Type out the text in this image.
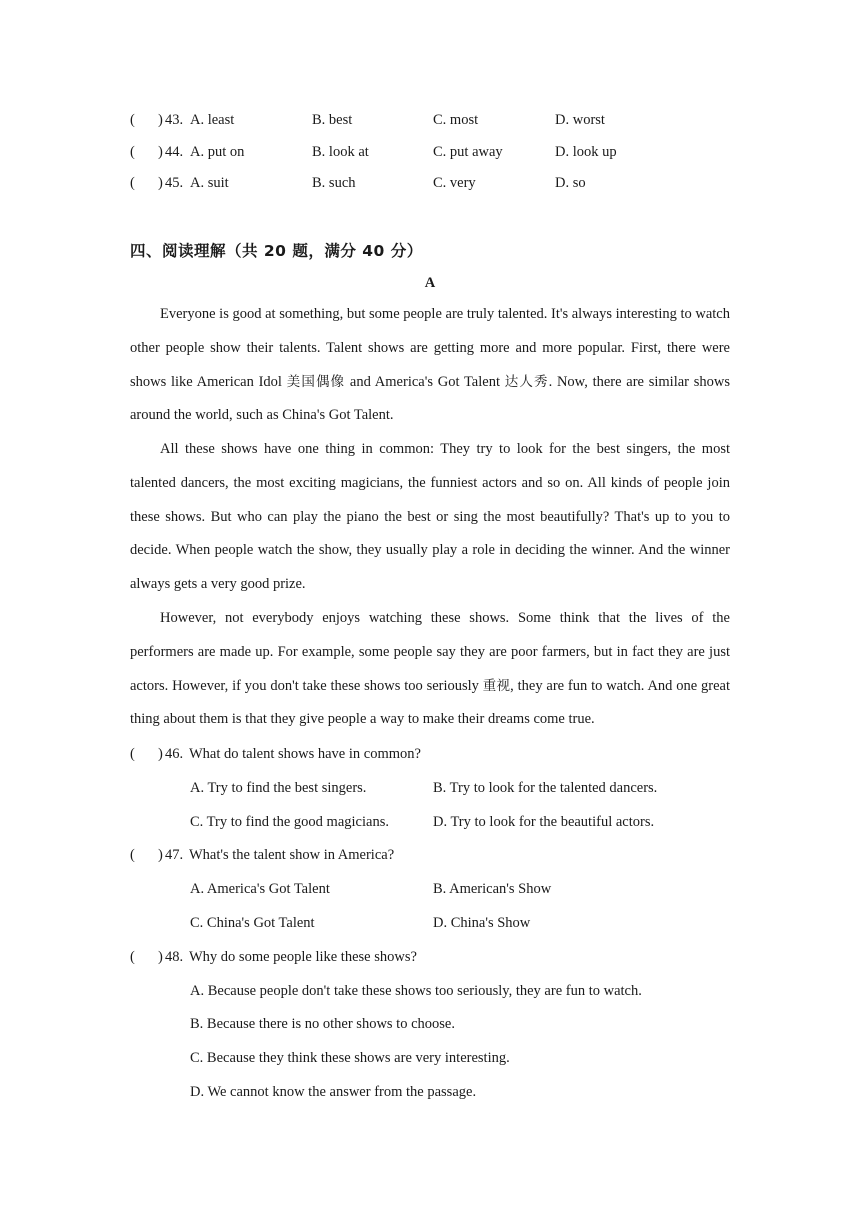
( ) 43. A. least	B. best	C. most	D. worst
( ) 44. A. put on	B. look at	C. put away	D. look up
( ) 45. A. suit	B. such	C. very	D. so
四、阅读理解（共 20 题，满分 40 分）
A

Everyone is good at something, but some people are truly talented. It's always interesting to watch other people show their talents. Talent shows are getting more and more popular. First, there were shows like American Idol 美国偶像 and America's Got Talent 达人秀. Now, there are similar shows around the world, such as China's Got Talent.

All these shows have one thing in common: They try to look for the best singers, the most talented dancers, the most exciting magicians, the funniest actors and so on. All kinds of people join these shows. But who can play the piano the best or sing the most beautifully? That's up to you to decide. When people watch the show, they usually play a role in deciding the winner. And the winner always gets a very good prize.

However, not everybody enjoys watching these shows. Some think that the lives of the performers are made up. For example, some people say they are poor farmers, but in fact they are just actors. However, if you don't take these shows too seriously 重视, they are fun to watch. And one great thing about them is that they give people a way to make their dreams come true.

( ) 46. What do talent shows have in common?
A. Try to find the best singers.	B. Try to look for the talented dancers.
C. Try to find the good magicians.	D. Try to look for the beautiful actors.
( ) 47. What's the talent show in America?
A. America's Got Talent	B. American's Show
C. China's Got Talent	D. China's Show
( ) 48. Why do some people like these shows?
A. Because people don't take these shows too seriously, they are fun to watch.
B. Because there is no other shows to choose.
C. Because they think these shows are very interesting.
D. We cannot know the answer from the passage.
